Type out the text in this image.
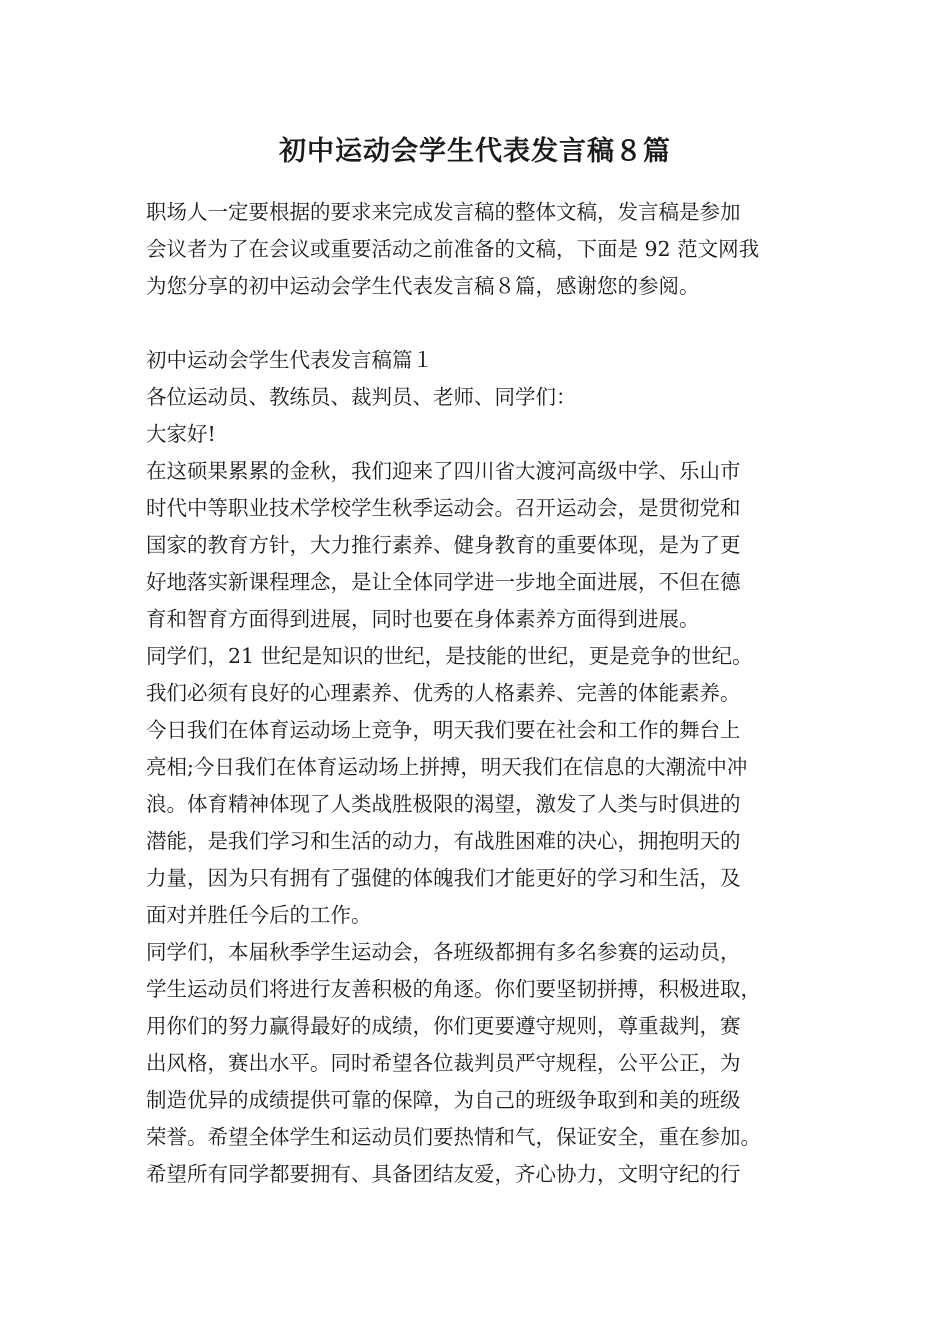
初中运动会学生代表发言稿８篇
职场人一定要根据的要求来完成发言稿的整体文稿，发言稿是参加
会议者为了在会议或重要活动之前准备的文稿，下面是 92 范文网我
为您分享的初中运动会学生代表发言稿８篇，感谢您的参阅。
初中运动会学生代表发言稿篇１
各位运动员、教练员、裁判员、老师、同学们：
大家好!
在这硕果累累的金秋，我们迎来了四川省大渡河高级中学、乐山市
时代中等职业技术学校学生秋季运动会。召开运动会，是贯彻党和
国家的教育方针，大力推行素养、健身教育的重要体现，是为了更
好地落实新课程理念，是让全体同学进一步地全面进展，不但在德
育和智育方面得到进展，同时也要在身体素养方面得到进展。
同学们，21 世纪是知识的世纪，是技能的世纪，更是竞争的世纪。
我们必须有良好的心理素养、优秀的人格素养、完善的体能素养。
今日我们在体育运动场上竞争，明天我们要在社会和工作的舞台上
亮相;今日我们在体育运动场上拼搏，明天我们在信息的大潮流中冲
浪。体育精神体现了人类战胜极限的渴望，激发了人类与时俱进的
潜能，是我们学习和生活的动力，有战胜困难的决心，拥抱明天的
力量，因为只有拥有了强健的体魄我们才能更好的学习和生活，及
面对并胜任今后的工作。
同学们，本届秋季学生运动会，各班级都拥有多名参赛的运动员，
学生运动员们将进行友善积极的角逐。你们要坚韧拼搏，积极进取，
用你们的努力赢得最好的成绩，你们更要遵守规则，尊重裁判，赛
出风格，赛出水平。同时希望各位裁判员严守规程，公平公正，为
制造优异的成绩提供可靠的保障，为自己的班级争取到和美的班级
荣誉。希望全体学生和运动员们要热情和气，保证安全，重在参加。
希望所有同学都要拥有、具备团结友爱，齐心协力，文明守纪的行
